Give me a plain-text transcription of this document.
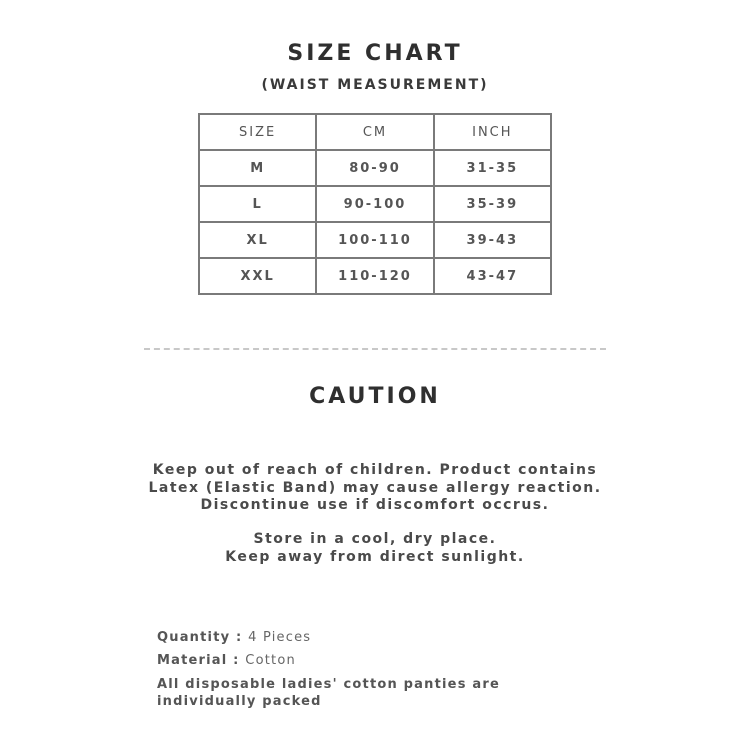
SIZE CHART
(WAIST MEASUREMENT)
SIZE	CM	INCH
M	80-90	31-35
L	90-100	35-39
XL	100-110	39-43
XXL	110-120	43-47
CAUTION
Keep out of reach of children. Product contains
Latex (Elastic Band) may cause allergy reaction.
Discontinue use if discomfort occrus.
Store in a cool, dry place.
Keep away from direct sunlight.
Quantity : 4 Pieces
Material : Cotton
All disposable ladies' cotton panties are
individually packed
